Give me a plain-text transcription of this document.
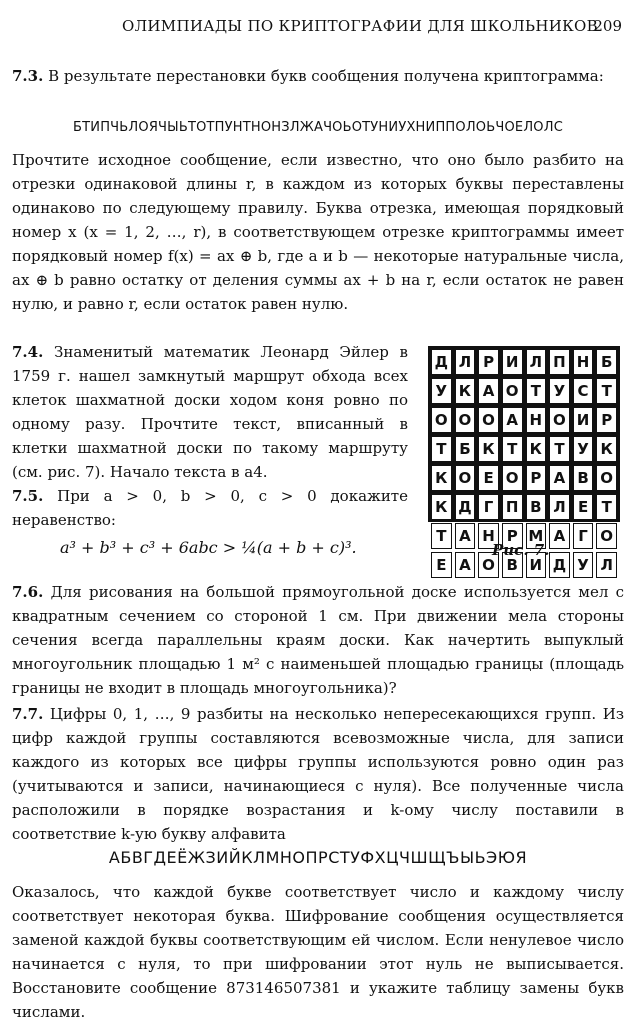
ОЛИМПИАДЫ ПО КРИПТОГРАФИИ ДЛЯ ШКОЛЬНИКОВ
209
7.3. В результате перестановки букв сообщения получена криптограмма:
БТИПЧЬЛОЯЧЫЬТОТПУНТНОНЗЛЖАЧОЬОТУНИУХНИППОЛОЬЧОЕЛОЛС
Прочтите исходное сообщение, если известно, что оно было разбито на отрезки одинаковой длины r, в каждом из которых буквы переставлены одинаково по следующему правилу. Буква отрезка, имеющая порядковый номер x (x = 1, 2, …, r), в соответствующем отрезке криптограммы имеет порядковый номер f(x) = ax ⊕ b, где a и b — некоторые натуральные числа, ax ⊕ b равно остатку от деления суммы ax + b на r, если остаток не равен нулю, и равно r, если остаток равен нулю.
7.4. Знаменитый математик Леонард Эйлер в 1759 г. нашел замкнутый маршрут обхода всех клеток шахматной доски ходом коня ровно по одному разу. Прочтите текст, вписанный в клетки шахматной доски по такому маршруту (см. рис. 7). Начало текста в a4.
7.5. При a > 0, b > 0, c > 0 докажите неравенство:
a³ + b³ + c³ + 6abc > ¼(a + b + c)³.
Д Л Р И Л П Н Б
У К А О Т У С Т
О О О А Н О И Р
Т Б К Т К Т У К
К О Е О Р А В О
К Д Г П В Л Е Т
Т А Н Р М А Г О
Е А О В И Д У Л
Рис. 7.
7.6. Для рисования на большой прямоугольной доске используется мел с квадратным сечением со стороной 1 см. При движении мела стороны сечения всегда параллельны краям доски. Как начертить выпуклый многоугольник площадью 1 м² с наименьшей площадью границы (площадь границы не входит в площадь многоугольника)?
7.7. Цифры 0, 1, …, 9 разбиты на несколько непересекающихся групп. Из цифр каждой группы составляются всевозможные числа, для записи каждого из которых все цифры группы используются ровно один раз (учитываются и записи, начинающиеся с нуля). Все полученные числа расположили в порядке возрастания и k-ому числу поставили в соответствие k-ую букву алфавита
АБВГДЕЁЖЗИЙКЛМНОПРСТУФХЦЧШЩЪЫЬЭЮЯ
Оказалось, что каждой букве соответствует число и каждому числу соответствует некоторая буква. Шифрование сообщения осуществляется заменой каждой буквы соответствующим ей числом. Если ненулевое число начинается с нуля, то при шифровании этот нуль не выписывается. Восстановите сообщение 873146507381 и укажите таблицу замены букв числами.
